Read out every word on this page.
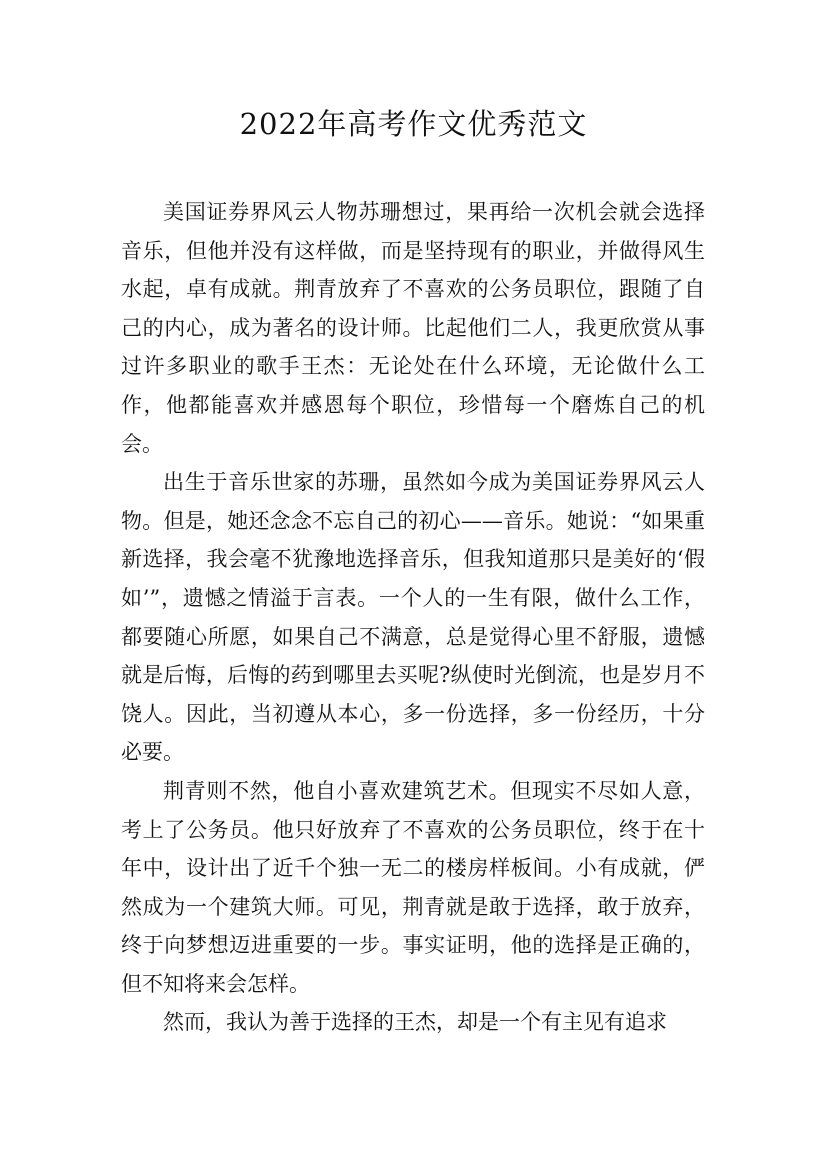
2022年高考作文优秀范文

美国证券界风云人物苏珊想过，果再给一次机会就会选择音乐，但他并没有这样做，而是坚持现有的职业，并做得风生水起，卓有成就。荆青放弃了不喜欢的公务员职位，跟随了自己的内心，成为著名的设计师。比起他们二人，我更欣赏从事过许多职业的歌手王杰：无论处在什么环境，无论做什么工作，他都能喜欢并感恩每个职位，珍惜每一个磨炼自己的机会。

出生于音乐世家的苏珊，虽然如今成为美国证券界风云人物。但是，她还念念不忘自己的初心——音乐。她说：“如果重新选择，我会毫不犹豫地选择音乐，但我知道那只是美好的‘假如’”，遗憾之情溢于言表。一个人的一生有限，做什么工作，都要随心所愿，如果自己不满意，总是觉得心里不舒服，遗憾就是后悔，后悔的药到哪里去买呢?纵使时光倒流，也是岁月不饶人。因此，当初遵从本心，多一份选择，多一份经历，十分必要。

荆青则不然，他自小喜欢建筑艺术。但现实不尽如人意，考上了公务员。他只好放弃了不喜欢的公务员职位，终于在十年中，设计出了近千个独一无二的楼房样板间。小有成就，俨然成为一个建筑大师。可见，荆青就是敢于选择，敢于放弃，终于向梦想迈进重要的一步。事实证明，他的选择是正确的，但不知将来会怎样。

然而，我认为善于选择的王杰，却是一个有主见有追求
